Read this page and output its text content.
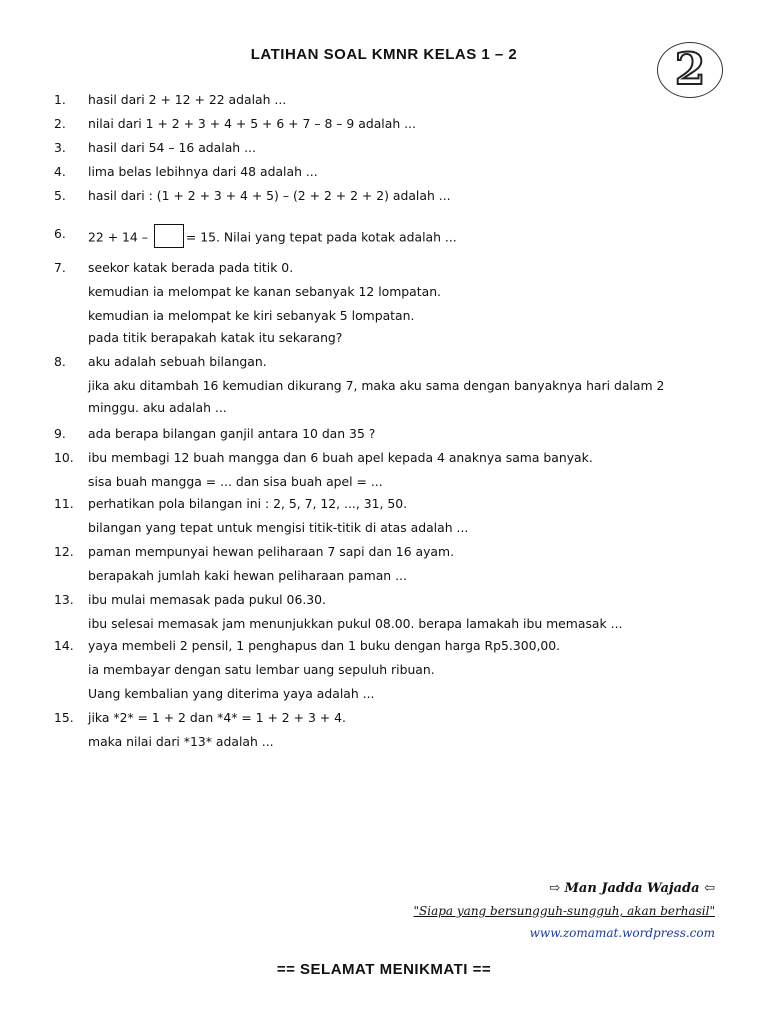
LATIHAN SOAL KMNR KELAS 1 – 2	2
1. hasil dari 2 + 12 + 22 adalah ...
2. nilai dari 1 + 2 + 3 + 4 + 5 + 6 + 7 – 8 – 9 adalah ...
3. hasil dari 54 – 16 adalah ...
4. lima belas lebihnya dari 48 adalah ...
5. hasil dari : (1 + 2 + 3 + 4 + 5) – (2 + 2 + 2 + 2) adalah ...
6. 22 + 14 –	= 15. Nilai yang tepat pada kotak adalah ...
7. seekor katak berada pada titik 0.
kemudian ia melompat ke kanan sebanyak 12 lompatan.
kemudian ia melompat ke kiri sebanyak 5 lompatan.
pada titik berapakah katak itu sekarang?
8. aku adalah sebuah bilangan.
jika aku ditambah 16 kemudian dikurang 7, maka aku sama dengan banyaknya hari dalam 2
minggu. aku adalah ...
9. ada berapa bilangan ganjil antara 10 dan 35 ?
10. ibu membagi 12 buah mangga dan 6 buah apel kepada 4 anaknya sama banyak.
sisa buah mangga = ... dan sisa buah apel = ...
11. perhatikan pola bilangan ini : 2, 5, 7, 12, ..., 31, 50.
bilangan yang tepat untuk mengisi titik-titik di atas adalah ...
12. paman mempunyai hewan peliharaan 7 sapi dan 16 ayam.
berapakah jumlah kaki hewan peliharaan paman ...
13. ibu mulai memasak pada pukul 06.30.
ibu selesai memasak jam menunjukkan pukul 08.00. berapa lamakah ibu memasak ...
14. yaya membeli 2 pensil, 1 penghapus dan 1 buku dengan harga Rp5.300,00.
ia membayar dengan satu lembar uang sepuluh ribuan.
Uang kembalian yang diterima yaya adalah ...
15. jika *2* = 1 + 2 dan *4* = 1 + 2 + 3 + 4.
maka nilai dari *13* adalah ...
⇨ Man Jadda Wajada ⇦
"Siapa yang bersungguh-sungguh, akan berhasil"
www.zomamat.wordpress.com
== SELAMAT MENIKMATI ==
